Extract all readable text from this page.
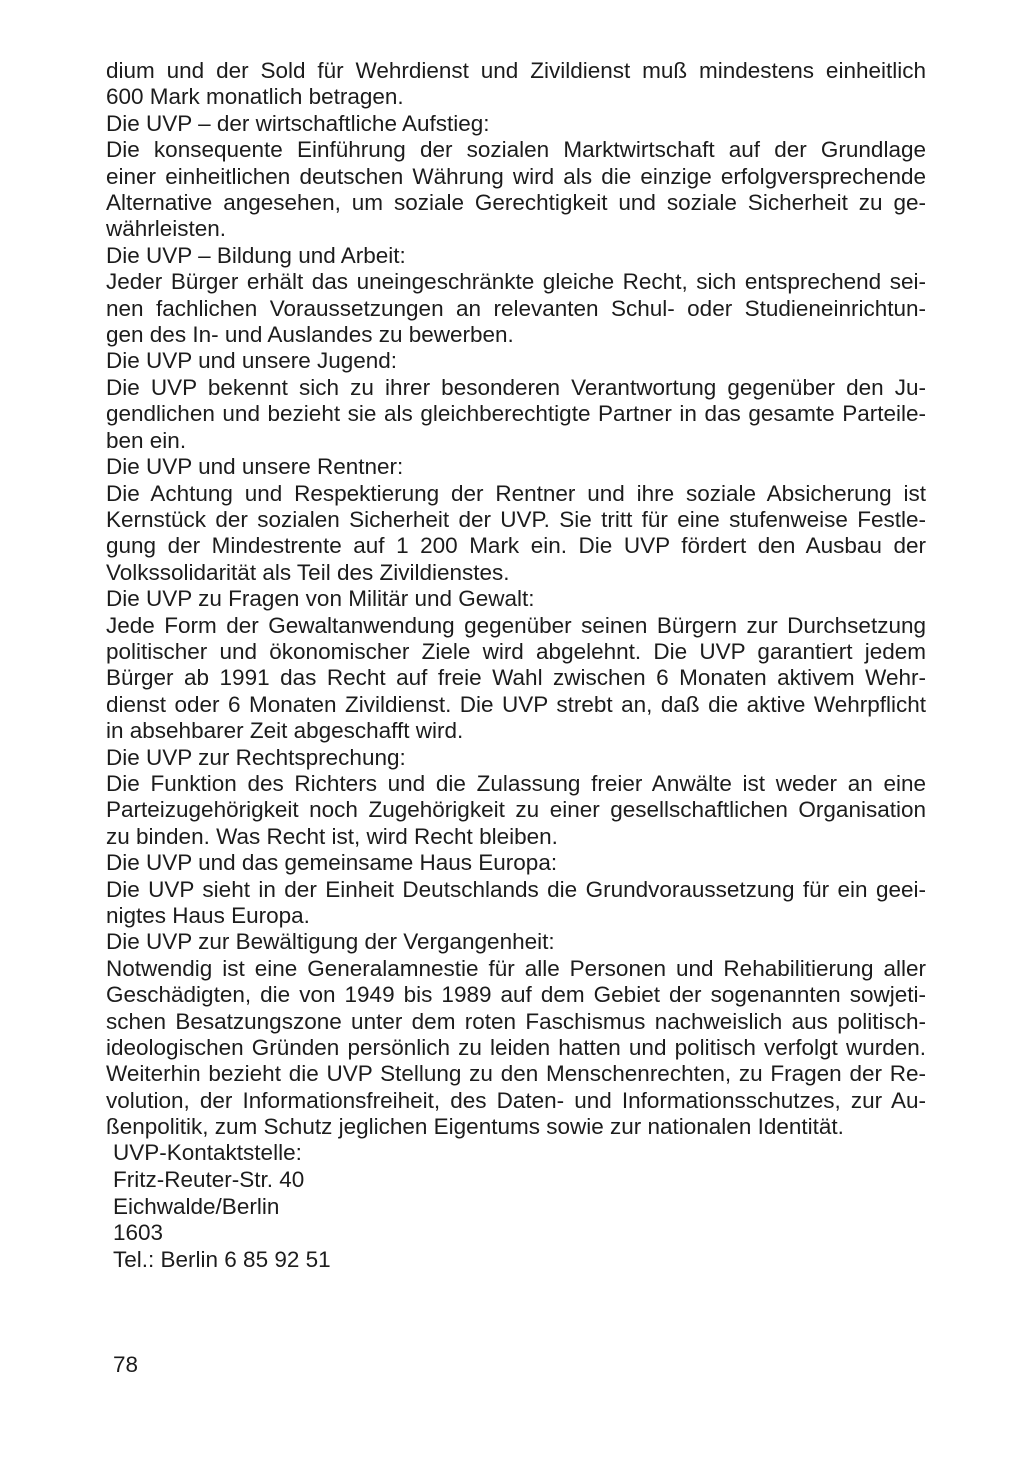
dium und der Sold für Wehrdienst und Zivildienst muß mindestens einheitlich
600 Mark monatlich betragen.
Die UVP – der wirtschaftliche Aufstieg:
Die konsequente Einführung der sozialen Marktwirtschaft auf der Grundlage
einer einheitlichen deutschen Währung wird als die einzige erfolgversprechende
Alternative angesehen, um soziale Gerechtigkeit und soziale Sicherheit zu ge-
währleisten.
Die UVP – Bildung und Arbeit:
Jeder Bürger erhält das uneingeschränkte gleiche Recht, sich entsprechend sei-
nen fachlichen Voraussetzungen an relevanten Schul- oder Studieneinrichtun-
gen des In- und Auslandes zu bewerben.
Die UVP und unsere Jugend:
Die UVP bekennt sich zu ihrer besonderen Verantwortung gegenüber den Ju-
gendlichen und bezieht sie als gleichberechtigte Partner in das gesamte Parteile-
ben ein.
Die UVP und unsere Rentner:
Die Achtung und Respektierung der Rentner und ihre soziale Absicherung ist
Kernstück der sozialen Sicherheit der UVP. Sie tritt für eine stufenweise Festle-
gung der Mindestrente auf 1 200 Mark ein. Die UVP fördert den Ausbau der
Volkssolidarität als Teil des Zivildienstes.
Die UVP zu Fragen von Militär und Gewalt:
Jede Form der Gewaltanwendung gegenüber seinen Bürgern zur Durchsetzung
politischer und ökonomischer Ziele wird abgelehnt. Die UVP garantiert jedem
Bürger ab 1991 das Recht auf freie Wahl zwischen 6 Monaten aktivem Wehr-
dienst oder 6 Monaten Zivildienst. Die UVP strebt an, daß die aktive Wehrpflicht
in absehbarer Zeit abgeschafft wird.
Die UVP zur Rechtsprechung:
Die Funktion des Richters und die Zulassung freier Anwälte ist weder an eine
Parteizugehörigkeit noch Zugehörigkeit zu einer gesellschaftlichen Organisation
zu binden. Was Recht ist, wird Recht bleiben.
Die UVP und das gemeinsame Haus Europa:
Die UVP sieht in der Einheit Deutschlands die Grundvoraussetzung für ein geei-
nigtes Haus Europa.
Die UVP zur Bewältigung der Vergangenheit:
Notwendig ist eine Generalamnestie für alle Personen und Rehabilitierung aller
Geschädigten, die von 1949 bis 1989 auf dem Gebiet der sogenannten sowjeti-
schen Besatzungszone unter dem roten Faschismus nachweislich aus politisch-
ideologischen Gründen persönlich zu leiden hatten und politisch verfolgt wurden.
Weiterhin bezieht die UVP Stellung zu den Menschenrechten, zu Fragen der Re-
volution, der Informationsfreiheit, des Daten- und Informationsschutzes, zur Au-
ßenpolitik, zum Schutz jeglichen Eigentums sowie zur nationalen Identität.
UVP-Kontaktstelle:
Fritz-Reuter-Str. 40
Eichwalde/Berlin
1603
Tel.: Berlin 6 85 92 51
78
